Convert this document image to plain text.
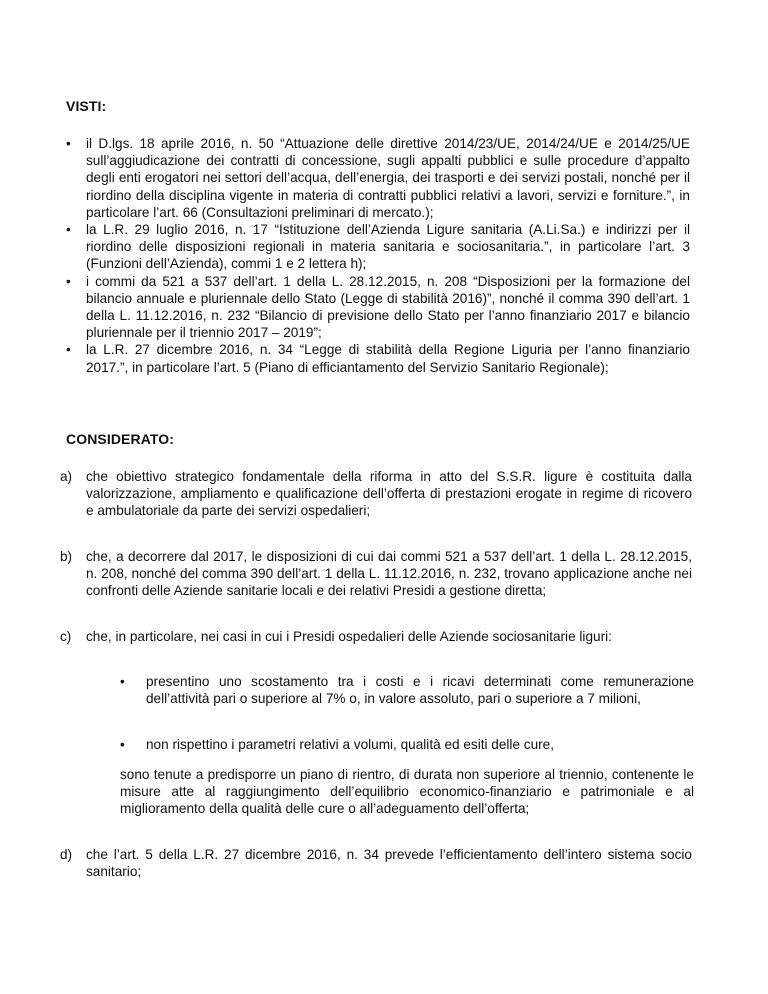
VISTI:
• il D.lgs. 18 aprile 2016, n. 50 “Attuazione delle direttive 2014/23/UE, 2014/24/UE e 2014/25/UE sull’aggiudicazione dei contratti di concessione, sugli appalti pubblici e sulle procedure d’appalto degli enti erogatori nei settori dell’acqua, dell’energia, dei trasporti e dei servizi postali, nonché per il riordino della disciplina vigente in materia di contratti pubblici relativi a lavori, servizi e forniture.”, in particolare l’art. 66 (Consultazioni preliminari di mercato.);
• la L.R. 29 luglio 2016, n. 17 “Istituzione dell’Azienda Ligure sanitaria (A.Li.Sa.) e indirizzi per il riordino delle disposizioni regionali in materia sanitaria e sociosanitaria.”, in particolare l’art. 3 (Funzioni dell’Azienda), commi 1 e 2 lettera h);
• i commi da 521 a 537 dell’art. 1 della L. 28.12.2015, n. 208 “Disposizioni per la formazione del bilancio annuale e pluriennale dello Stato (Legge di stabilità 2016)”, nonché il comma 390 dell’art. 1 della L. 11.12.2016, n. 232 “Bilancio di previsione dello Stato per l’anno finanziario 2017 e bilancio pluriennale per il triennio 2017 – 2019”;
• la L.R. 27 dicembre 2016, n. 34 “Legge di stabilità della Regione Liguria per l’anno finanziario 2017.”, in particolare l’art. 5 (Piano di efficiantamento del Servizio Sanitario Regionale);
CONSIDERATO:
a) che obiettivo strategico fondamentale della riforma in atto del S.S.R. ligure è costituita dalla valorizzazione, ampliamento e qualificazione dell’offerta di prestazioni erogate in regime di ricovero e ambulatoriale da parte dei servizi ospedalieri;
b) che, a decorrere dal 2017, le disposizioni di cui dai commi 521 a 537 dell’art. 1 della L. 28.12.2015, n. 208, nonché del comma 390 dell’art. 1 della L. 11.12.2016, n. 232, trovano applicazione anche nei confronti delle Aziende sanitarie locali e dei relativi Presidi a gestione diretta;
c) che, in particolare, nei casi in cui i Presidi ospedalieri delle Aziende sociosanitarie liguri:
• presentino uno scostamento tra i costi e i ricavi determinati come remunerazione dell’attività pari o superiore al 7% o, in valore assoluto, pari o superiore a 7 milioni,
• non rispettino i parametri relativi a volumi, qualità ed esiti delle cure,
sono tenute a predisporre un piano di rientro, di durata non superiore al triennio, contenente le misure atte al raggiungimento dell’equilibrio economico-finanziario e patrimoniale e al miglioramento della qualità delle cure o all’adeguamento dell’offerta;
d) che l’art. 5 della L.R. 27 dicembre 2016, n. 34 prevede l’efficientamento dell’intero sistema socio sanitario;
